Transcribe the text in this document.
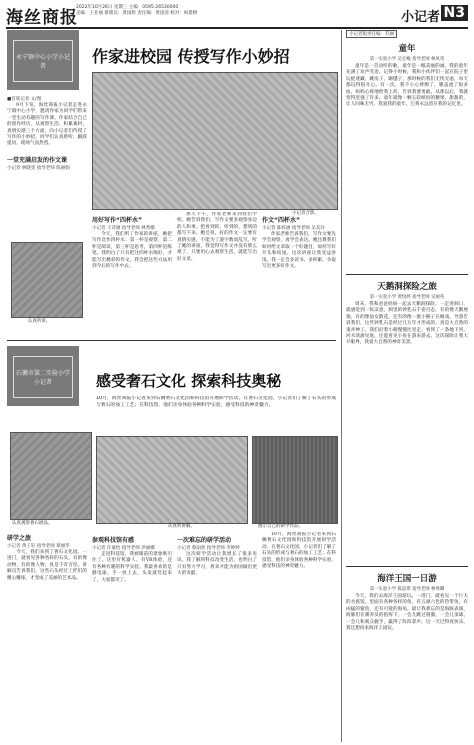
海丝商报
2022年10月26日 星期三 主编：0595-26530000
美编：王亚丽 排版员：黄国辉 责任编：黄国清 校对：祝建榕	小记者 N3
小记者版责任编：苏丽
永宁镇中心小学小记者
作家进校园 传授写作小妙招
小记者合影。
■首席记者 文/图

9月下旬，海丝商报小记者走进永宁镇中心小学，邀请作家为同学们带来一堂生动有趣的写作课。作家结合自己的创作经历，从观察生活、积累素材、真情实感三个方面，向小记者们传授了写作的小妙招，同学们认真聆听、踊跃提问，现场气氛热烈。

一堂充满启发的作文课
小记者 林晓雯 指导老师 陈丽娟

认真听讲。
用好写作“四杯水”
小记者 王诗涵 指导老师 林秀娥

今天，我们听了作家的讲座，她把写作比作四杯水：第一杯是观察，第二杯是阅读，第三杯是思考，第四杯是练笔。我明白了只有把这四杯水喝好，才能写出精彩的作文。我会把这些方法用到今后的写作中去。

那天下午，作家老师来到我们学校。她告诉我们，写作文要多观察身边的人和事，把看到的、听到的、想到的都写下来。她还说，好的作文一定要有真情实感，不能为了凑字数而乱写。听了她的讲座，我觉得写作文并没有那么难了，只要用心去观察生活，就能写出好文章。

作文“四杯水”
小记者 陈梓涵 指导老师 吴美玲

作家老师告诉我们，写作文要先学会观察，再学会表达。她还教我们如何给文章取一个好题目，如何写好开头和结尾。这次讲座让我受益匪浅，我一定会多读书、多积累，争取写出更多好作文。

石狮市第二实验小学小记者	感受奢石文化 探索科技奥秘
10月，海丝商报小记者来到石狮奢石文化园和科技馆开展研学活动。在奢石文化园，小记者们了解了石头的形成与奢石的加工工艺；在科技馆，他们亲身体验各种科学实验，感受科技的神奇魅力。
认真听讲解。
认真观察奢石展品。
展示自己的研学作品。
研学之旅
小记者 黄子轩 指导老师 蔡丽华

今天，我们来到了奢石文化园。一进门，就看见各种各样的石头，有的像动物，有的像人物，真是千奇百怪。讲解员告诉我们，这些石头经过工匠们的精心雕琢，才变成了美丽的艺术品。

参观科技馆有感
小记者 许嘉怡 指导老师 洪丽娜

走进科技馆，我被眼前的景象吸引住了。这里有机器人、有VR体验，还有各种有趣的科学实验。我最喜欢的是静电球，手一放上去，头发就竖起来了，大家都笑了。

一次难忘的研学活动
小记者 蔡雨欣 指导老师 李婷婷

这次研学活动让我增长了很多见识。我了解到科技改变生活，也明白了只有努力学习，将来才能为祖国做出更大的贡献。

10月，海丝商报小记者来到石狮奢石文化园和科技馆开展研学活动。在奢石文化园，小记者们了解了石头的形成与奢石的加工工艺；在科技馆，他们亲身体验各种科学实验，感受科技的神奇魅力。

童年
第一实验小学 吴宏峻 指导老师 林凤英

童年是一首动听的歌，童年是一幅美丽的画。我的童年充满了欢声笑语。记得小时候，我和小伙伴们一起在院子里玩捉迷藏、跳房子、踢毽子，那时候的我们无忧无虑，每天都玩得很开心。有一次，我不小心摔倒了，膝盖流了很多血，妈妈心疼地给我上药，告诉我要勇敢。从那以后，我就变得坚强了许多。童年就像一颗五彩缤纷的糖果，甜甜的，让人回味无穷。我爱我的童年，它将永远留在我的记忆里。

天鹅洞探险之旅
第一实验小学 黄悦婷 指导老师 吴丽英

周末，我和爸爸妈妈一起去天鹅洞探险。一走进洞口，就感觉到一阵凉意。洞里的钟乳石千姿百态，有的像天鹅展翅，有的像仙女散花，还有的像一群小猴子在嬉戏。导游告诉我们，这些钟乳石是经过几万年才形成的，真是大自然的鬼斧神工。我们沿着小路慢慢往里走，看到了一条地下河，河水清澈见底，还能看见小鱼在游来游去。这次探险让我大开眼界，我爱大自然的神奇美景。

海洋王国一日游
第一实验小学 陈思琪 指导老师 林秀卿

今天，我们去海洋王国游玩。一进门，就看见一个巨大的水族馆，里面有各种各样的鱼，有五颜六色的热带鱼，有凶猛的鲨鱼，还有可爱的海龟。最让我难忘的是海豚表演，海豚们在驯养员的指挥下，一会儿跳过圆圈，一会儿顶球，一会儿和观众握手，赢得了阵阵掌声。这一天过得真快乐，我还想再来海洋王国玩。
